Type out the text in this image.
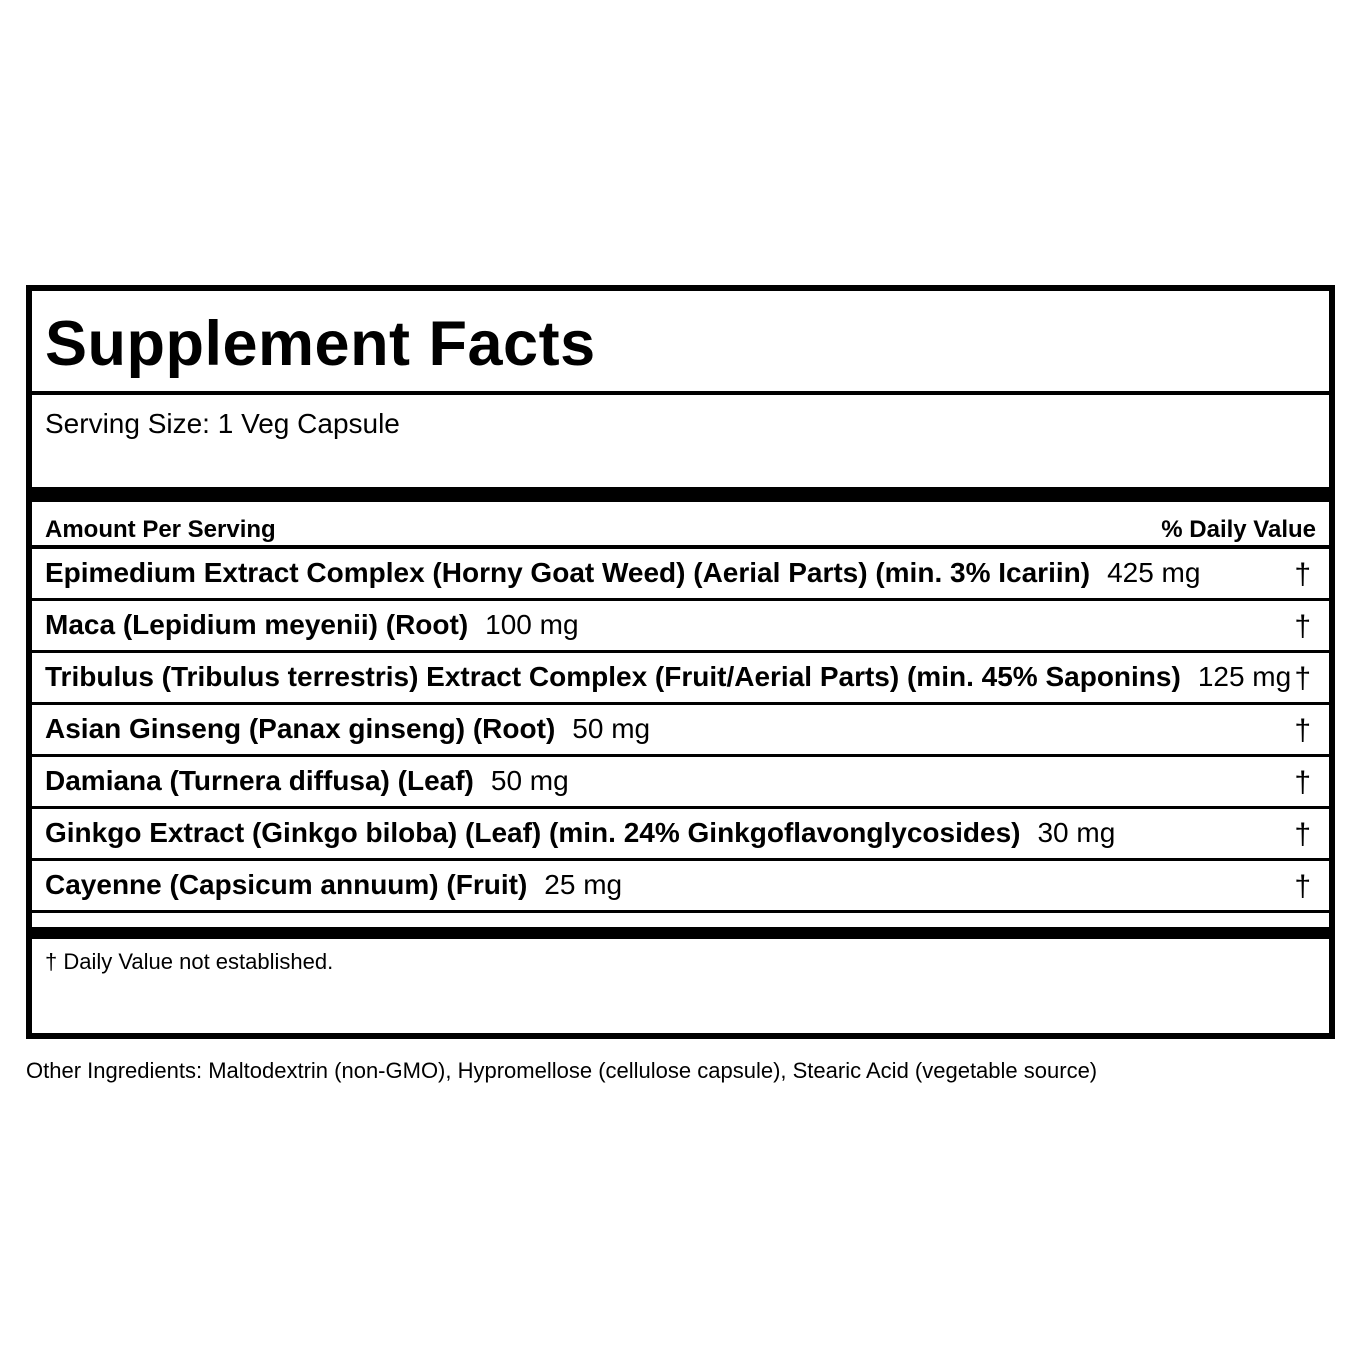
Supplement Facts
Serving Size: 1 Veg Capsule
Amount Per Serving	% Daily Value
Epimedium Extract Complex (Horny Goat Weed) (Aerial Parts) (min. 3% Icariin) 425 mg	†
Maca (Lepidium meyenii) (Root) 100 mg	†
Tribulus (Tribulus terrestris) Extract Complex (Fruit/Aerial Parts) (min. 45% Saponins) 125 mg †
Asian Ginseng (Panax ginseng) (Root) 50 mg	†
Damiana (Turnera diffusa) (Leaf) 50 mg	†
Ginkgo Extract (Ginkgo biloba) (Leaf) (min. 24% Ginkgoflavonglycosides) 30 mg	†
Cayenne (Capsicum annuum) (Fruit) 25 mg	†
† Daily Value not established.
Other Ingredients: Maltodextrin (non-GMO), Hypromellose (cellulose capsule), Stearic Acid (vegetable source)
